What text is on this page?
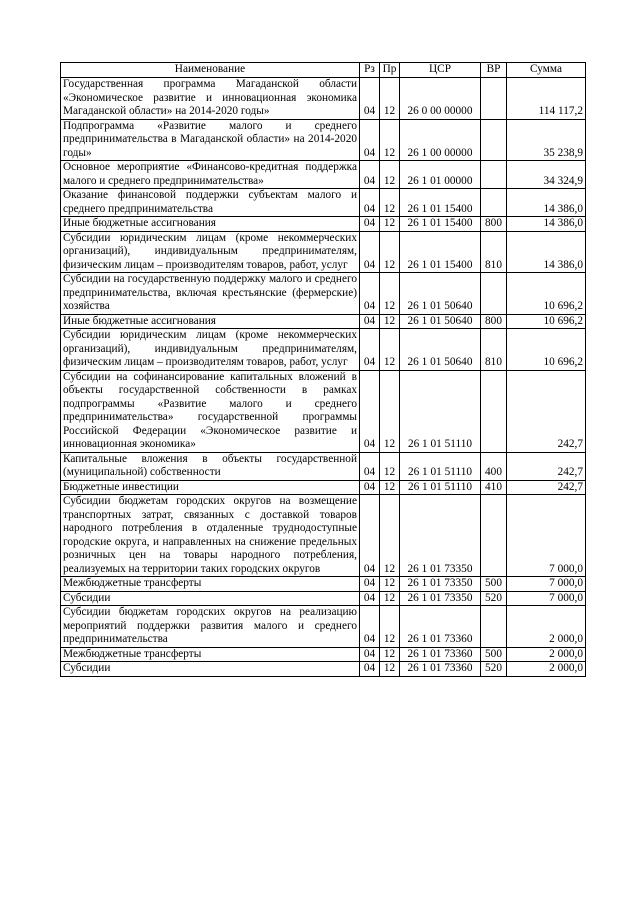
Наименование	Рз	Пр	ЦСР	ВР	Сумма
Государственная программа Магаданской области «Экономическое развитие и инновационная экономика Магаданской области» на 2014-2020 годы»	04	12	26 0 00 00000		114 117,2
Подпрограмма «Развитие малого и среднего предпринимательства в Магаданской области» на 2014-2020 годы»	04	12	26 1 00 00000		35 238,9
Основное мероприятие «Финансово-кредитная поддержка малого и среднего предпринимательства»	04	12	26 1 01 00000		34 324,9
Оказание финансовой поддержки субъектам малого и среднего предпринимательства	04	12	26 1 01 15400		14 386,0
Иные бюджетные ассигнования	04	12	26 1 01 15400	800	14 386,0
Субсидии юридическим лицам (кроме некоммерческих организаций), индивидуальным предпринимателям, физическим лицам – производителям товаров, работ, услуг	04	12	26 1 01 15400	810	14 386,0
Субсидии на государственную поддержку малого и среднего предпринимательства, включая крестьянские (фермерские) хозяйства	04	12	26 1 01 50640		10 696,2
Иные бюджетные ассигнования	04	12	26 1 01 50640	800	10 696,2
Субсидии юридическим лицам (кроме некоммерческих организаций), индивидуальным предпринимателям, физическим лицам – производителям товаров, работ, услуг	04	12	26 1 01 50640	810	10 696,2
Субсидии на софинансирование капитальных вложений в объекты государственной собственности в рамках подпрограммы «Развитие малого и среднего предпринимательства» государственной программы Российской Федерации «Экономическое развитие и инновационная экономика»	04	12	26 1 01 51110		242,7
Капитальные вложения в объекты государственной (муниципальной) собственности	04	12	26 1 01 51110	400	242,7
Бюджетные инвестиции	04	12	26 1 01 51110	410	242,7
Субсидии бюджетам городских округов на возмещение транспортных затрат, связанных с доставкой товаров народного потребления в отдаленные труднодоступные городские округа, и направленных на снижение предельных розничных цен на товары народного потребления, реализуемых на территории таких городских округов	04	12	26 1 01 73350		7 000,0
Межбюджетные трансферты	04	12	26 1 01 73350	500	7 000,0
Субсидии	04	12	26 1 01 73350	520	7 000,0
Субсидии бюджетам городских округов на реализацию мероприятий поддержки развития малого и среднего предпринимательства	04	12	26 1 01 73360		2 000,0
Межбюджетные трансферты	04	12	26 1 01 73360	500	2 000,0
Субсидии	04	12	26 1 01 73360	520	2 000,0
